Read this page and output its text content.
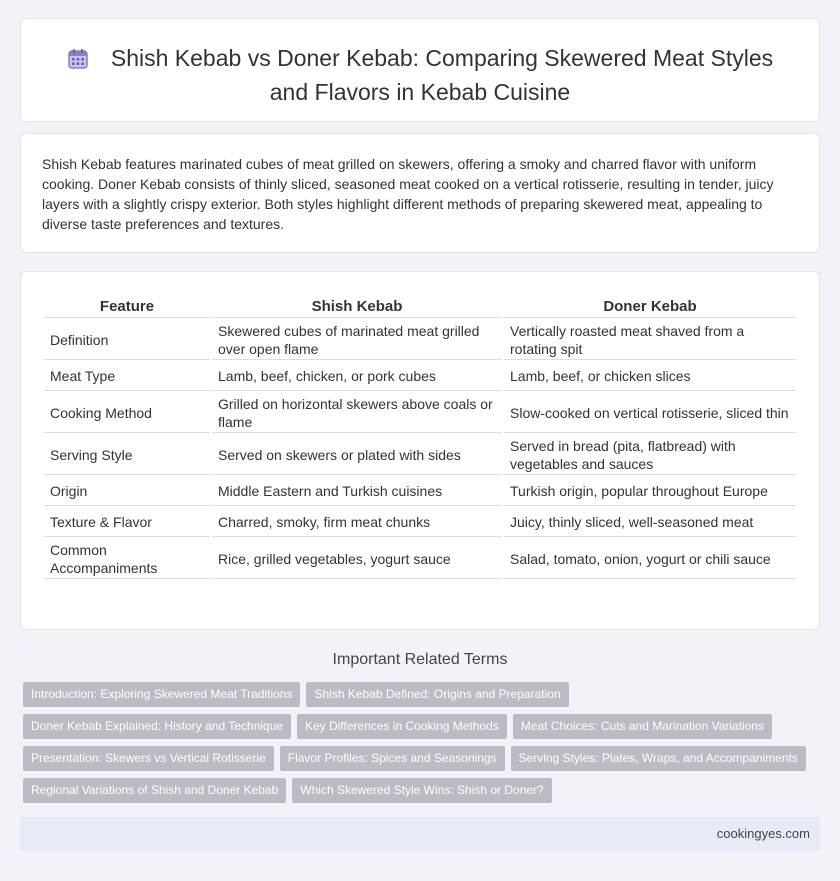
Shish Kebab vs Doner Kebab: Comparing Skewered Meat Styles and Flavors in Kebab Cuisine

Shish Kebab features marinated cubes of meat grilled on skewers, offering a smoky and charred flavor with uniform cooking. Doner Kebab consists of thinly sliced, seasoned meat cooked on a vertical rotisserie, resulting in tender, juicy layers with a slightly crispy exterior. Both styles highlight different methods of preparing skewered meat, appealing to diverse taste preferences and textures.

Feature	Shish Kebab	Doner Kebab
Definition	Skewered cubes of marinated meat grilled over open flame	Vertically roasted meat shaved from a rotating spit
Meat Type	Lamb, beef, chicken, or pork cubes	Lamb, beef, or chicken slices
Cooking Method	Grilled on horizontal skewers above coals or flame	Slow-cooked on vertical rotisserie, sliced thin
Serving Style	Served on skewers or plated with sides	Served in bread (pita, flatbread) with vegetables and sauces
Origin	Middle Eastern and Turkish cuisines	Turkish origin, popular throughout Europe
Texture & Flavor	Charred, smoky, firm meat chunks	Juicy, thinly sliced, well-seasoned meat
Common Accompaniments	Rice, grilled vegetables, yogurt sauce	Salad, tomato, onion, yogurt or chili sauce
Important Related Terms
Introduction: Exploring Skewered Meat Traditions Shish Kebab Defined: Origins and Preparation
Doner Kebab Explained: History and Technique Key Differences in Cooking Methods Meat Choices: Cuts and Marination Variations
Presentation: Skewers vs Vertical Rotisserie Flavor Profiles: Spices and Seasonings Serving Styles: Plates, Wraps, and Accompaniments
Regional Variations of Shish and Doner Kebab Which Skewered Style Wins: Shish or Doner?
cookingyes.com
